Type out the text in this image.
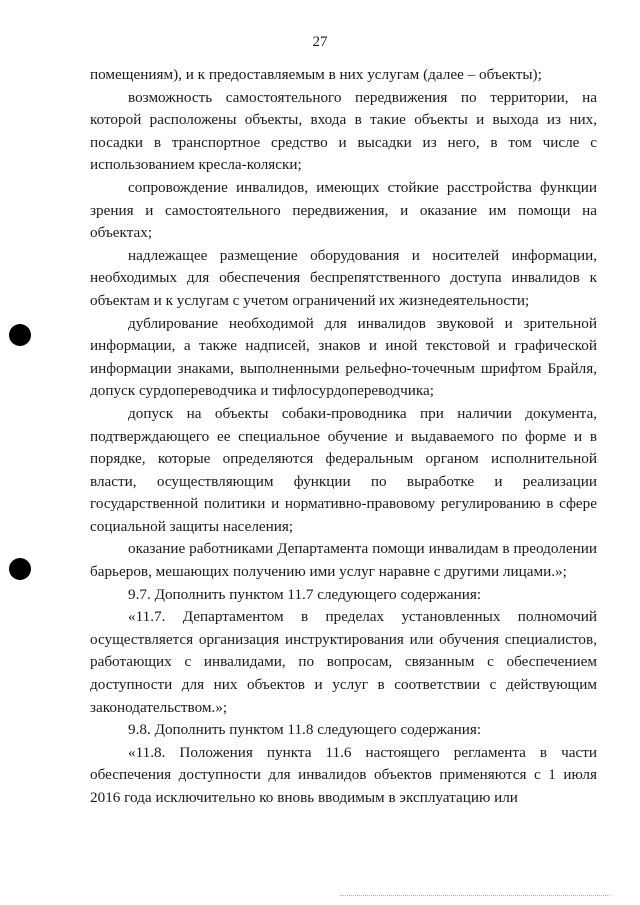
27

помещениям), и к предоставляемым в них услугам (далее – объекты);

возможность самостоятельного передвижения по территории, на которой расположены объекты, входа в такие объекты и выхода из них, посадки в транспортное средство и высадки из него, в том числе с использованием кресла-коляски;

сопровождение инвалидов, имеющих стойкие расстройства функции зрения и самостоятельного передвижения, и оказание им помощи на объектах;

надлежащее размещение оборудования и носителей информации, необходимых для обеспечения беспрепятственного доступа инвалидов к объектам и к услугам с учетом ограничений их жизнедеятельности;

дублирование необходимой для инвалидов звуковой и зрительной информации, а также надписей, знаков и иной текстовой и графической информации знаками, выполненными рельефно-точечным шрифтом Брайля, допуск сурдопереводчика и тифлосурдопереводчика;

допуск на объекты собаки-проводника при наличии документа, подтверждающего ее специальное обучение и выдаваемого по форме и в порядке, которые определяются федеральным органом исполнительной власти, осуществляющим функции по выработке и реализации государственной политики и нормативно-правовому регулированию в сфере социальной защиты населения;

оказание работниками Департамента помощи инвалидам в преодолении барьеров, мешающих получению ими услуг наравне с другими лицами.»;

9.7. Дополнить пунктом 11.7 следующего содержания:

«11.7. Департаментом в пределах установленных полномочий осуществляется организация инструктирования или обучения специалистов, работающих с инвалидами, по вопросам, связанным с обеспечением доступности для них объектов и услуг в соответствии с действующим законодательством.»;

9.8. Дополнить пунктом 11.8 следующего содержания:

«11.8. Положения пункта 11.6 настоящего регламента в части обеспечения доступности для инвалидов объектов применяются с 1 июля 2016 года исключительно ко вновь вводимым в эксплуатацию или
